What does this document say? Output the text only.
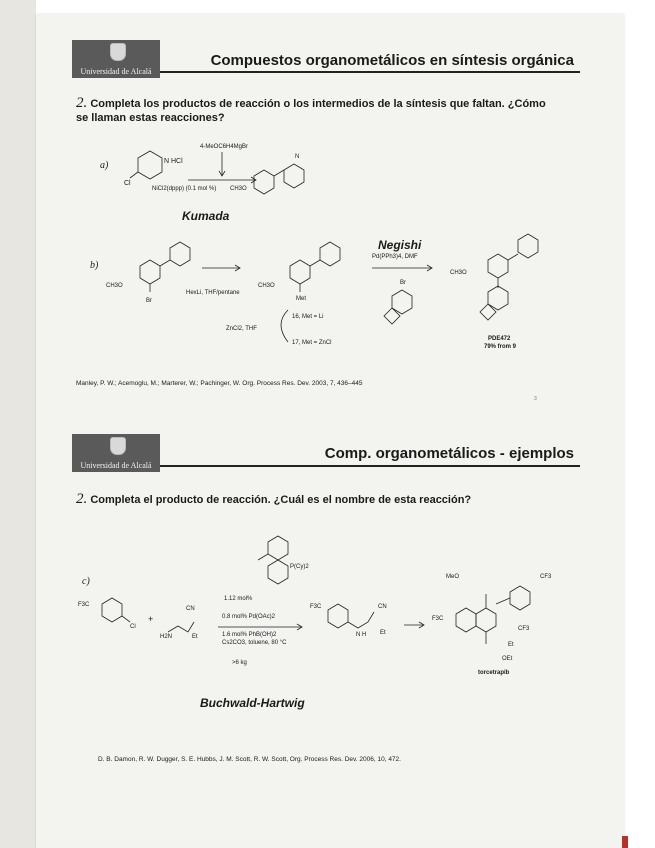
Universidad de Alcalá
Compuestos organometálicos en síntesis orgánica
2. Completa los productos de reacción o los intermedios de la síntesis que faltan. ¿Cómo se llaman estas reacciones?
a)
Cl
N HCl
4-MeOC6H4MgBr
NiCl2(dppp) (0.1 mol %) CH3O
N
Kumada
b)
CH3O
Br
HexLi, THF/pentane
CH3O
Met
ZnCl2, THF
16, Met = Li
17, Met = ZnCl
Negishi
Pd(PPh3)4, DMF
Br
CH3O
PDE472
79% from 9
Manley, P. W.; Acemoglu, M.; Marterer, W.; Pachinger, W. Org. Process Res. Dev. 2003, 7, 436–445
3
Universidad de Alcalá
Comp. organometálicos - ejemplos
2. Completa el producto de reacción. ¿Cuál es el nombre de esta reacción?
c)
F3C
Cl
+
CN
H2N	Et
P(Cy)2
1.12 mol%
0.8 mol% Pd(OAc)2
1.6 mol% PhB(OH)2
Cs2CO3, toluene, 80 °C
>6 kg
F3C	CN
Et
N H
MeO	CF3
CF3
F3C
Et
OEt
torcetrapib
Buchwald-Hartwig
D. B. Damon, R. W. Dugger, S. E. Hubbs, J. M. Scott, R. W. Scott, Org. Process Res. Dev. 2006, 10, 472.
